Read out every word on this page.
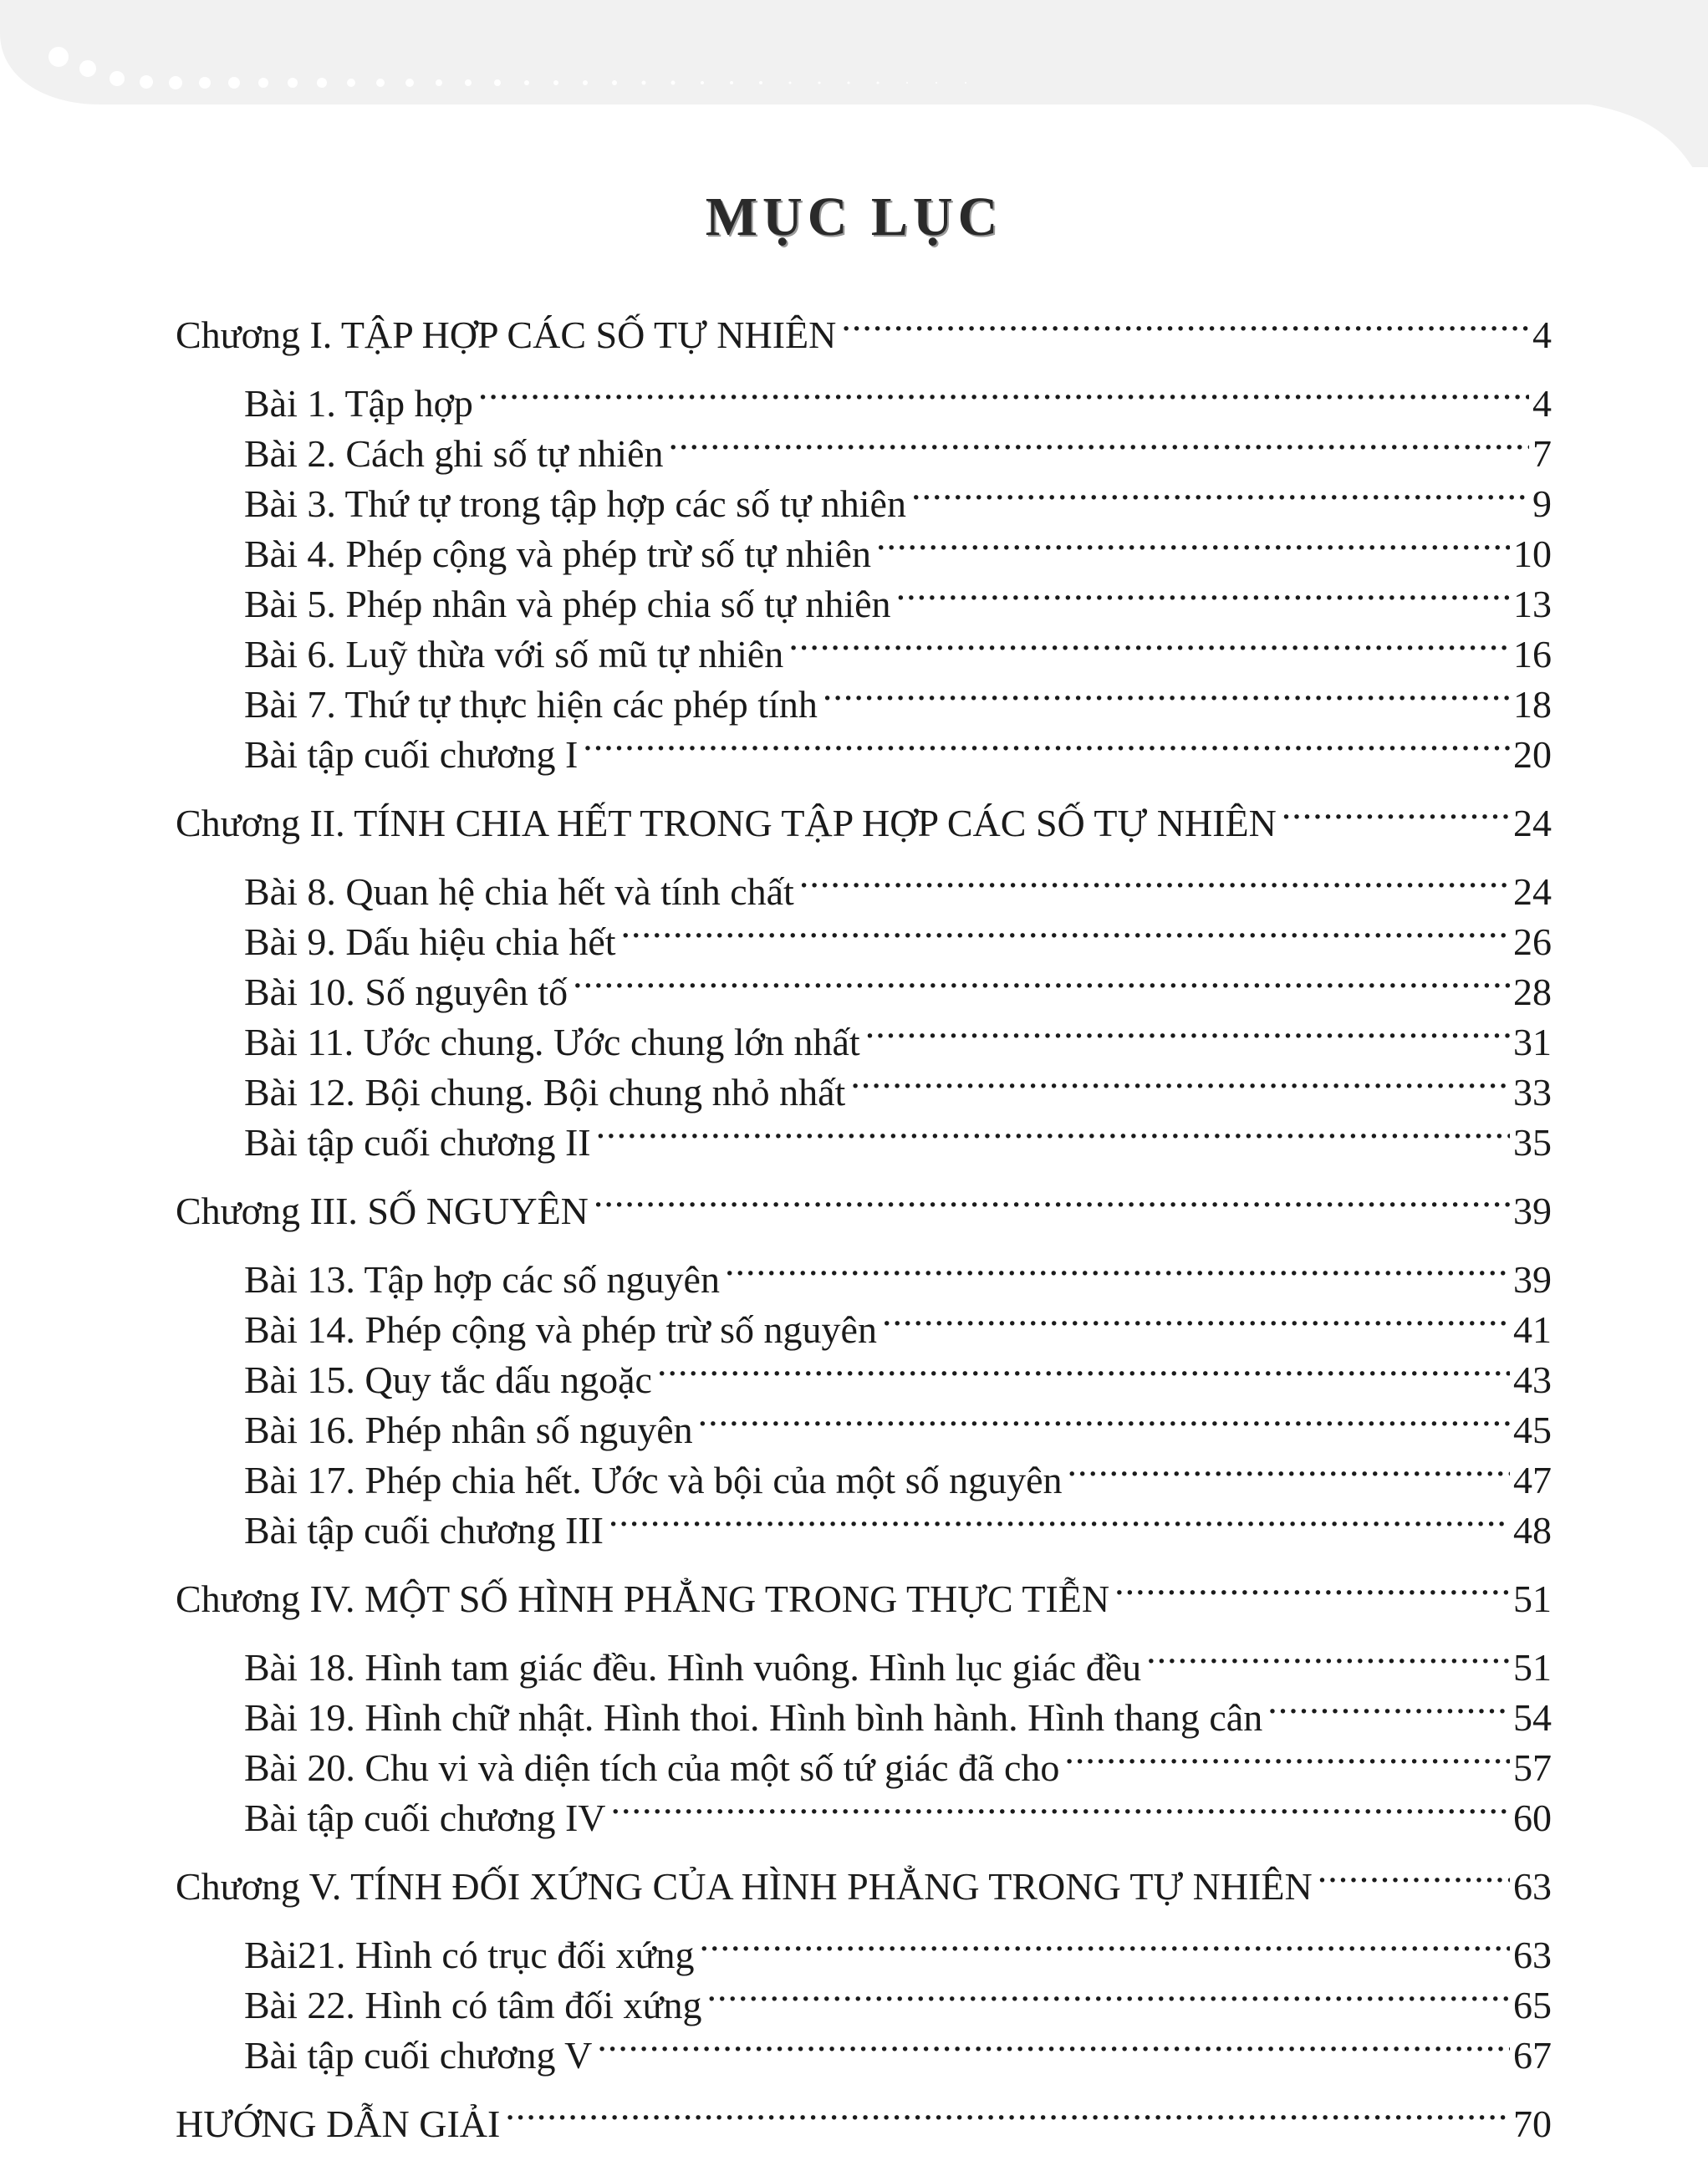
MỤC LỤC
Chương I. TẬP HỢP CÁC SỐ TỰ NHIÊN .....	4
Bài 1. Tập hợp .....	4
Bài 2. Cách ghi số tự nhiên .....	7
Bài 3. Thứ tự trong tập hợp các số tự nhiên .....	9
Bài 4. Phép cộng và phép trừ số tự nhiên .....	10
Bài 5. Phép nhân và phép chia số tự nhiên .....	13
Bài 6. Luỹ thừa với số mũ tự nhiên .....	16
Bài 7. Thứ tự thực hiện các phép tính .....	18
Bài tập cuối chương I .....	20
Chương II. TÍNH CHIA HẾT TRONG TẬP HỢP CÁC SỐ TỰ NHIÊN .....	24
Bài 8. Quan hệ chia hết và tính chất .....	24
Bài 9. Dấu hiệu chia hết .....	26
Bài 10. Số nguyên tố .....	28
Bài 11. Ước chung. Ước chung lớn nhất .....	31
Bài 12. Bội chung. Bội chung nhỏ nhất .....	33
Bài tập cuối chương II .....	35
Chương III. SỐ NGUYÊN .....	39
Bài 13. Tập hợp các số nguyên .....	39
Bài 14. Phép cộng và phép trừ số nguyên .....	41
Bài 15. Quy tắc dấu ngoặc .....	43
Bài 16. Phép nhân số nguyên .....	45
Bài 17. Phép chia hết. Ước và bội của một số nguyên .....	47
Bài tập cuối chương III .....	48
Chương IV. MỘT SỐ HÌNH PHẲNG TRONG THỰC TIỄN .....	51
Bài 18. Hình tam giác đều. Hình vuông. Hình lục giác đều .....	51
Bài 19. Hình chữ nhật. Hình thoi. Hình bình hành. Hình thang cân .....	54
Bài 20. Chu vi và diện tích của một số tứ giác đã cho .....	57
Bài tập cuối chương IV .....	60
Chương V. TÍNH ĐỐI XỨNG CỦA HÌNH PHẲNG TRONG TỰ NHIÊN .....	63
Bài21. Hình có trục đối xứng .....	63
Bài 22. Hình có tâm đối xứng .....	65
Bài tập cuối chương V .....	67
HƯỚNG DẪN GIẢI .....	70
